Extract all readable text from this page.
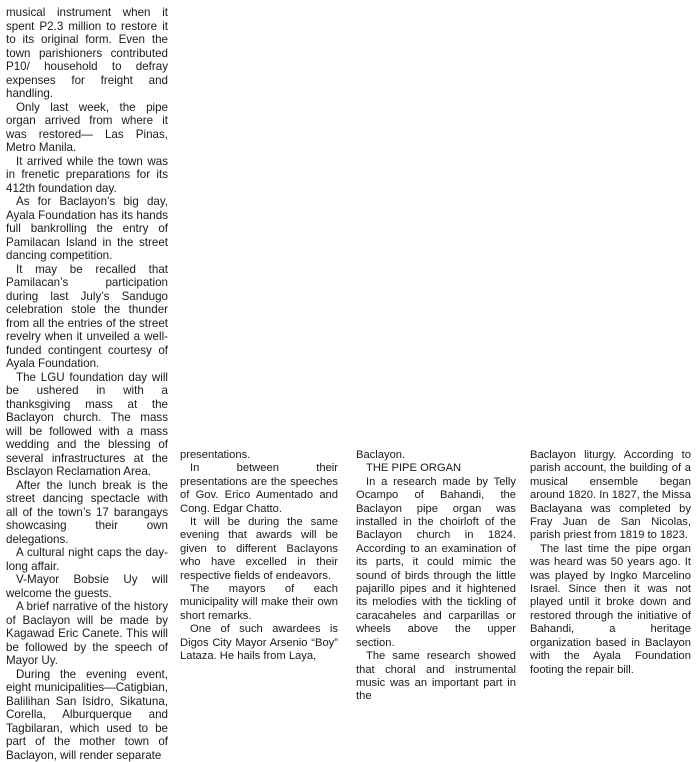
musical instrument when it spent P2.3 million to restore it to its original form. Even the town parishioners contributed P10/ household to defray expenses for freight and handling.

Only last week, the pipe organ arrived from where it was restored— Las Pinas, Metro Manila.

It arrived while the town was in frenetic preparations for its 412th foundation day.

As for Baclayon’s big day, Ayala Foundation has its hands full bankrolling the entry of Pamilacan Island in the street dancing competition.

It may be recalled that Pamilacan’s participation during last July’s Sandugo celebration stole the thunder from all the entries of the street revelry when it unveiled a well-funded contingent courtesy of Ayala Foundation.

The LGU foundation day will be ushered in with a thanksgiving mass at the Baclayon church. The mass will be followed with a mass wedding and the blessing of several infrastructures at the Bsclayon Reclamation Area.

After the lunch break is the street dancing spectacle with all of the town’s 17 barangays showcasing their own delegations.

A cultural night caps the day-long affair.

V-Mayor Bobsie Uy will welcome the guests.

A brief narrative of the history of Baclayon will be made by Kagawad Eric Canete. This will be followed by the speech of Mayor Uy.

During the evening event, eight municipalities—Catigbian, Balilihan San Isidro, Sikatuna, Corella, Alburquerque and Tagbilaran, which used to be part of the mother town of Baclayon, will render separate

presentations.

In between their presentations are the speeches of Gov. Erico Aumentado and Cong. Edgar Chatto.

It will be during the same evening that awards will be given to different Baclayons who have excelled in their respective fields of endeavors.

The mayors of each municipality will make their own short remarks.

One of such awardees is Digos City Mayor Arsenio “Boy” Lataza. He hails from Laya,

Baclayon.

THE PIPE ORGAN

In a research made by Telly Ocampo of Bahandi, the Baclayon pipe organ was installed in the choirloft of the Baclayon church in 1824. According to an examination of its parts, it could mimic the sound of birds through the little pajarillo pipes and it hightened its melodies with the tickling of caracaheles and carparillas or wheels above the upper section.

The same research showed that choral and instrumental music was an important part in the

Baclayon liturgy. According to parish account, the building of a musical ensemble began around 1820. In 1827, the Missa Baclayana was completed by Fray Juan de San Nicolas, parish priest from 1819 to 1823.

The last time the pipe organ was heard was 50 years ago. It was played by Ingko Marcelino Israel. Since then it was not played until it broke down and restored through the initiative of Bahandi, a heritage organization based in Baclayon with the Ayala Foundation footing the repair bill.
